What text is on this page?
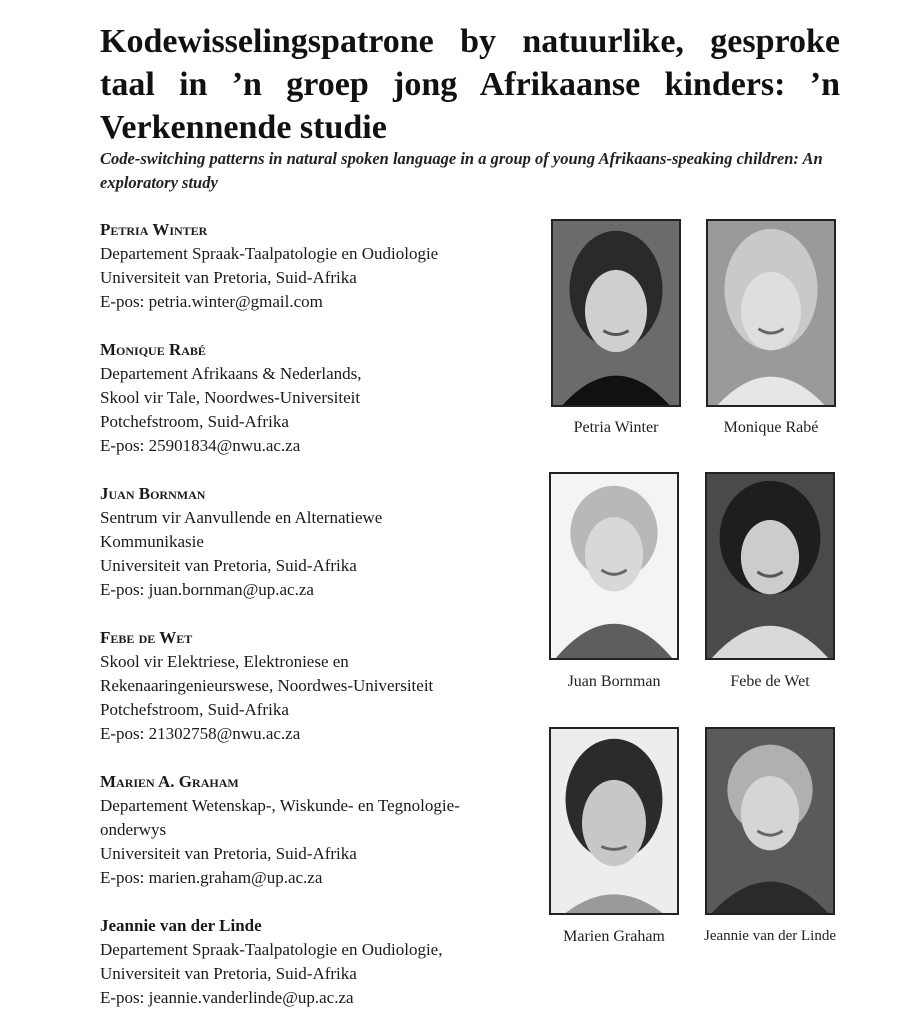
Kodewisselingspatrone by natuurlike, gesproke taal in ’n groep jong Afrikaanse kinders: ’n Verkennende studie
Code-switching patterns in natural spoken language in a group of young Afrikaans-speaking children: An exploratory study
Petria Winter
Departement Spraak-Taalpatologie en Oudiologie
Universiteit van Pretoria, Suid-Afrika
E-pos: petria.winter@gmail.com
Monique Rabé
Departement Afrikaans & Nederlands,
Skool vir Tale, Noordwes-Universiteit
Potchefstroom, Suid-Afrika
E-pos: 25901834@nwu.ac.za
Juan Bornman
Sentrum vir Aanvullende en Alternatiewe
Kommunikasie
Universiteit van Pretoria, Suid-Afrika
E-pos: juan.bornman@up.ac.za
Febe de Wet
Skool vir Elektriese, Elektroniese en
Rekenaaringenieurswese, Noordwes-Universiteit
Potchefstroom, Suid-Afrika
E-pos: 21302758@nwu.ac.za
Marien A. Graham
Departement Wetenskap-, Wiskunde- en Tegnologie-
onderwys
Universiteit van Pretoria, Suid-Afrika
E-pos: marien.graham@up.ac.za
Jeannie van der Linde
Departement Spraak-Taalpatologie en Oudiologie,
Universiteit van Pretoria, Suid-Afrika
E-pos: jeannie.vanderlinde@up.ac.za
Petria Winter	Monique Rabé
Juan Bornman	Febe de Wet
Marien Graham	Jeannie van der Linde
